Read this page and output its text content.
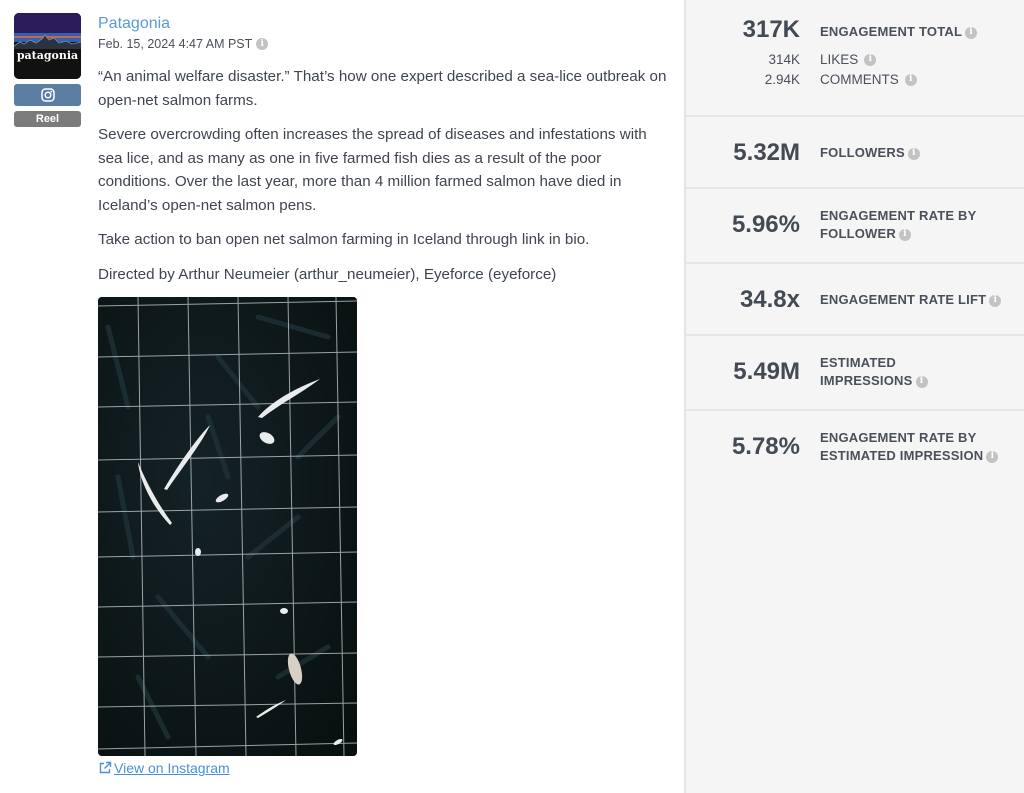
patagonia
Reel
Patagonia
Feb. 15, 2024 4:47 AM PST i

“An animal welfare disaster.” That’s how one expert described a sea-lice outbreak on open-net salmon farms.

Severe overcrowding often increases the spread of diseases and infestations with sea lice, and as many as one in five farmed fish dies as a result of the poor conditions. Over the last year, more than 4 million farmed salmon have died in Iceland’s open-net salmon pens.

Take action to ban open net salmon farming in Iceland through link in bio.

Directed by Arthur Neumeier (arthur_neumeier), Eyeforce (eyeforce)

View on Instagram
317K ENGAGEMENT TOTAL i
314K LIKES	i
2.94K COMMENTS	i
5.32M FOLLOWERS i
5.96% ENGAGEMENT RATE BY
FOLLOWER i
34.8x ENGAGEMENT RATE LIFT i
5.49M ESTIMATED
IMPRESSIONS i
5.78% ENGAGEMENT RATE BY
ESTIMATED IMPRESSION i
